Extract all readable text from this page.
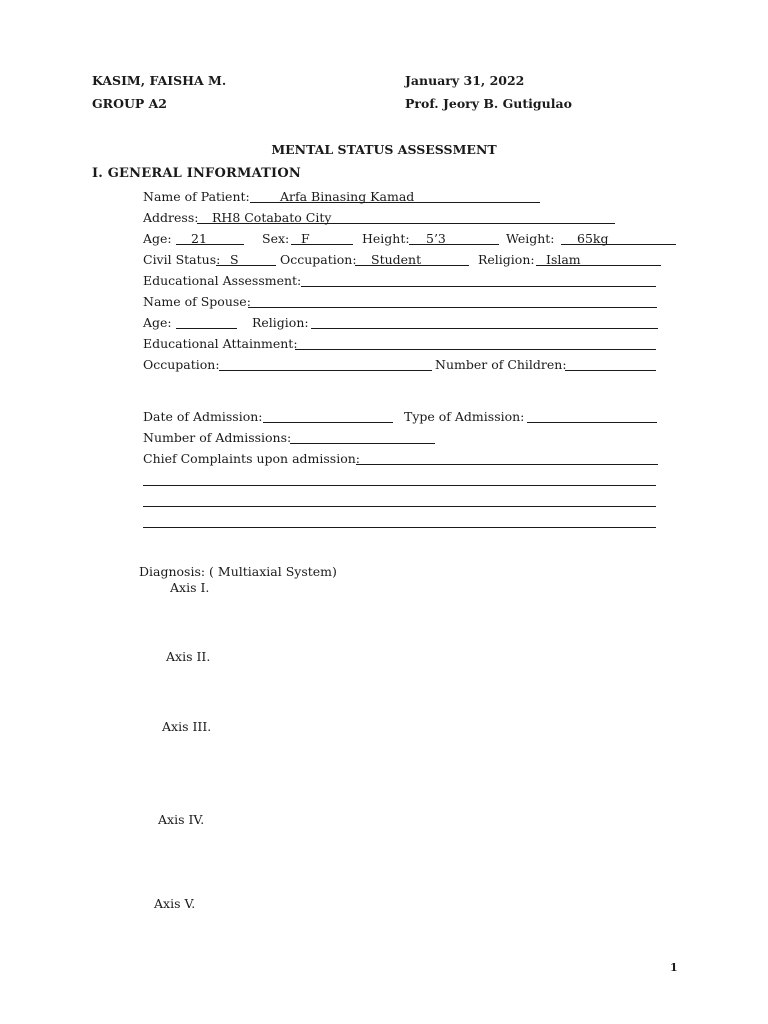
KASIM, FAISHA M.	January 31, 2022
GROUP A2	Prof. Jeory B. Gutigulao
MENTAL STATUS ASSESSMENT
I. GENERAL INFORMATION
Name of Patient: Arfa Binasing Kamad
Address: RH8 Cotabato City
Age: 21	Sex: F	Height: 5’3	Weight: 65kg
Civil Status: S	Occupation: Student	Religion: Islam
Educational Assessment:
Name of Spouse:
Age:	Religion:
Educational Attainment:
Occupation:	Number of Children:
Date of Admission:	Type of Admission:
Number of Admissions:
Chief Complaints upon admission:
Diagnosis: ( Multiaxial System)
Axis I.
Axis II.
Axis III.
Axis IV.
Axis V.
1
